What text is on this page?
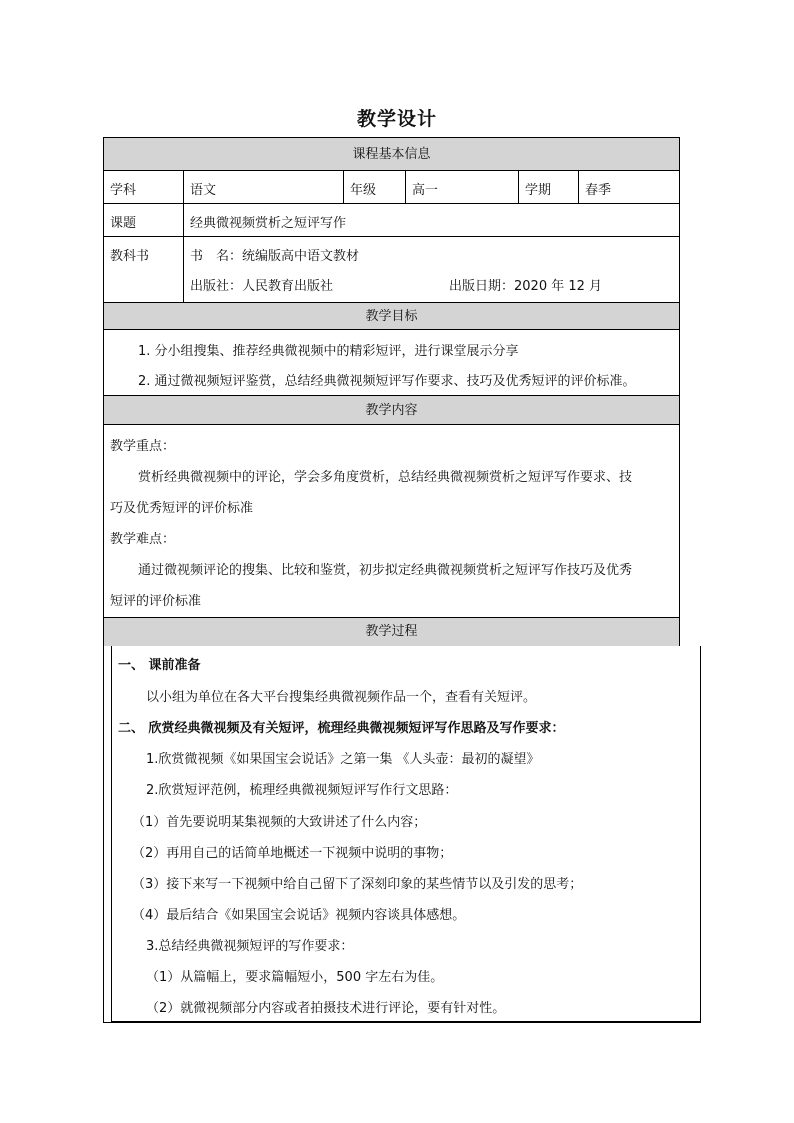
教学设计
课程基本信息
学科	语文	年级	高一	学期	春季
课题	经典微视频赏析之短评写作
教科书	书　名：统编版高中语文教材
出版社：人民教育出版社	出版日期：2020 年 12 月
教学目标
1. 分小组搜集、推荐经典微视频中的精彩短评，进行课堂展示分享
2. 通过微视频短评鉴赏，总结经典微视频短评写作要求、技巧及优秀短评的评价标准。
教学内容
教学重点：
赏析经典微视频中的评论，学会多角度赏析，总结经典微视频赏析之短评写作要求、技
巧及优秀短评的评价标准
教学难点：
通过微视频评论的搜集、比较和鉴赏，初步拟定经典微视频赏析之短评写作技巧及优秀
短评的评价标准
教学过程
一、 课前准备
以小组为单位在各大平台搜集经典微视频作品一个，查看有关短评。
二、 欣赏经典微视频及有关短评，梳理经典微视频短评写作思路及写作要求：
1.欣赏微视频《如果国宝会说话》之第一集 《人头壶：最初的凝望》
2.欣赏短评范例，梳理经典微视频短评写作行文思路：
（1）首先要说明某集视频的大致讲述了什么内容；
（2）再用自己的话简单地概述一下视频中说明的事物；
（3）接下来写一下视频中给自己留下了深刻印象的某些情节以及引发的思考；
（4）最后结合《如果国宝会说话》视频内容谈具体感想。
3.总结经典微视频短评的写作要求：
（1）从篇幅上，要求篇幅短小，500 字左右为佳。
（2）就微视频部分内容或者拍摄技术进行评论，要有针对性。
